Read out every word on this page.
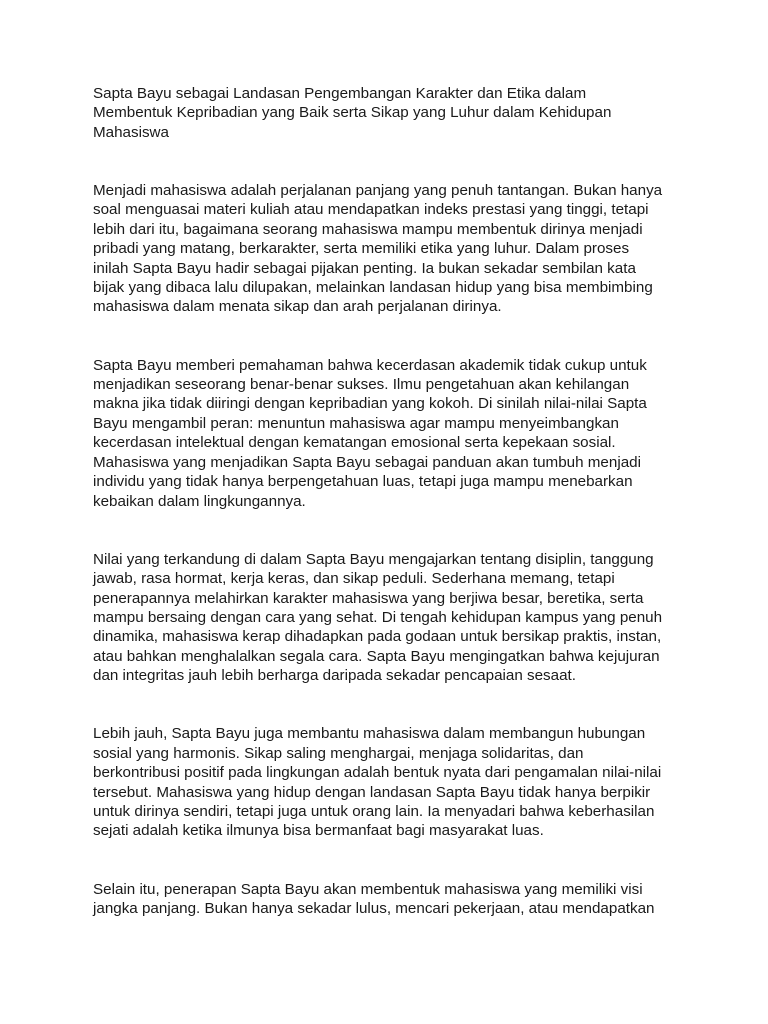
Sapta Bayu sebagai Landasan Pengembangan Karakter dan Etika dalam
Membentuk Kepribadian yang Baik serta Sikap yang Luhur dalam Kehidupan
Mahasiswa

Menjadi mahasiswa adalah perjalanan panjang yang penuh tantangan. Bukan hanya
soal menguasai materi kuliah atau mendapatkan indeks prestasi yang tinggi, tetapi
lebih dari itu, bagaimana seorang mahasiswa mampu membentuk dirinya menjadi
pribadi yang matang, berkarakter, serta memiliki etika yang luhur. Dalam proses
inilah Sapta Bayu hadir sebagai pijakan penting. Ia bukan sekadar sembilan kata
bijak yang dibaca lalu dilupakan, melainkan landasan hidup yang bisa membimbing
mahasiswa dalam menata sikap dan arah perjalanan dirinya.

Sapta Bayu memberi pemahaman bahwa kecerdasan akademik tidak cukup untuk
menjadikan seseorang benar-benar sukses. Ilmu pengetahuan akan kehilangan
makna jika tidak diiringi dengan kepribadian yang kokoh. Di sinilah nilai-nilai Sapta
Bayu mengambil peran: menuntun mahasiswa agar mampu menyeimbangkan
kecerdasan intelektual dengan kematangan emosional serta kepekaan sosial.
Mahasiswa yang menjadikan Sapta Bayu sebagai panduan akan tumbuh menjadi
individu yang tidak hanya berpengetahuan luas, tetapi juga mampu menebarkan
kebaikan dalam lingkungannya.

Nilai yang terkandung di dalam Sapta Bayu mengajarkan tentang disiplin, tanggung
jawab, rasa hormat, kerja keras, dan sikap peduli. Sederhana memang, tetapi
penerapannya melahirkan karakter mahasiswa yang berjiwa besar, beretika, serta
mampu bersaing dengan cara yang sehat. Di tengah kehidupan kampus yang penuh
dinamika, mahasiswa kerap dihadapkan pada godaan untuk bersikap praktis, instan,
atau bahkan menghalalkan segala cara. Sapta Bayu mengingatkan bahwa kejujuran
dan integritas jauh lebih berharga daripada sekadar pencapaian sesaat.

Lebih jauh, Sapta Bayu juga membantu mahasiswa dalam membangun hubungan
sosial yang harmonis. Sikap saling menghargai, menjaga solidaritas, dan
berkontribusi positif pada lingkungan adalah bentuk nyata dari pengamalan nilai-nilai
tersebut. Mahasiswa yang hidup dengan landasan Sapta Bayu tidak hanya berpikir
untuk dirinya sendiri, tetapi juga untuk orang lain. Ia menyadari bahwa keberhasilan
sejati adalah ketika ilmunya bisa bermanfaat bagi masyarakat luas.

Selain itu, penerapan Sapta Bayu akan membentuk mahasiswa yang memiliki visi
jangka panjang. Bukan hanya sekadar lulus, mencari pekerjaan, atau mendapatkan
